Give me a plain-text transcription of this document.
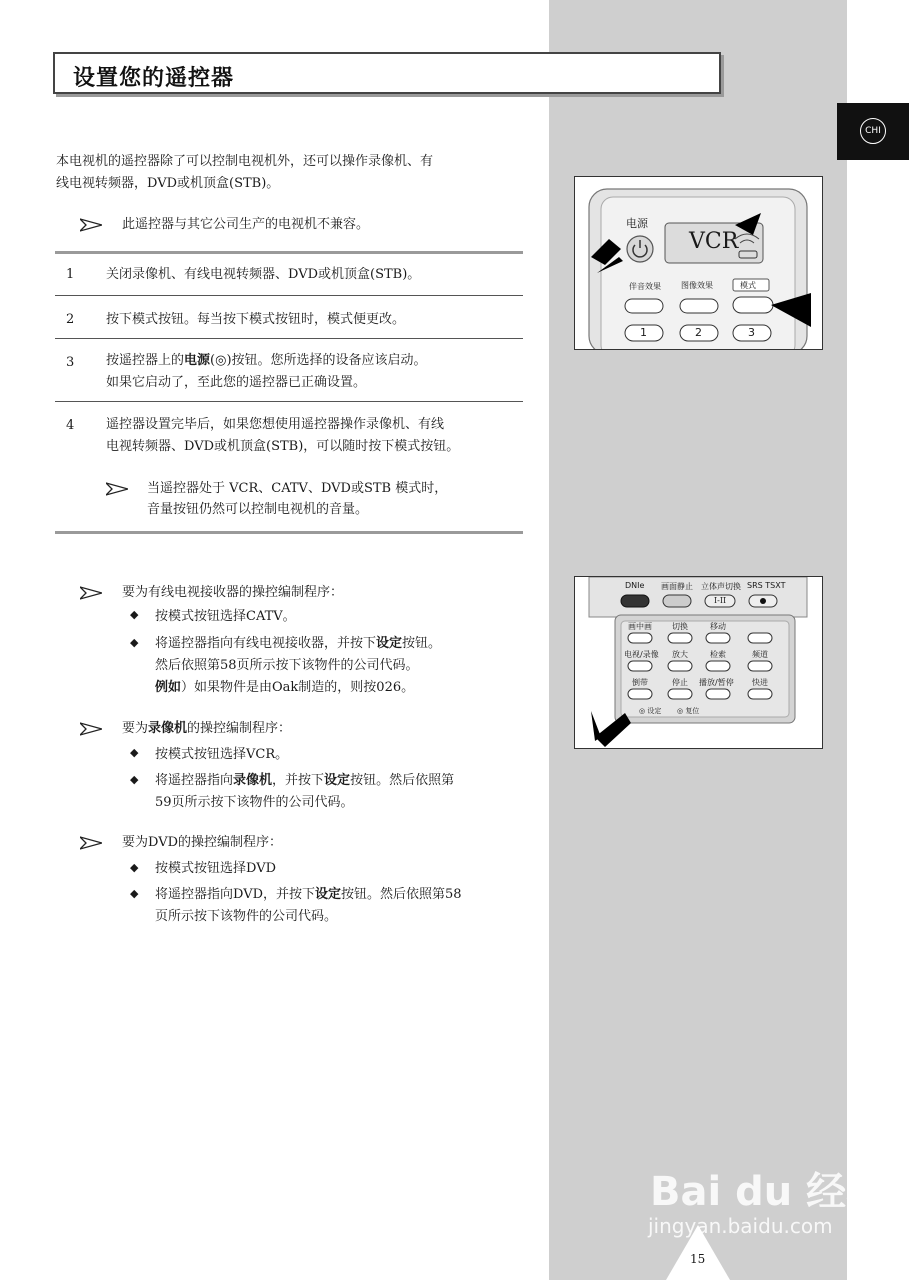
CHI
设置您的遥控器
本电视机的遥控器除了可以控制电视机外，还可以操作录像机、有
线电视转频器，DVD或机顶盒(STB)。
此遥控器与其它公司生产的电视机不兼容。
1 关闭录像机、有线电视转频器、DVD或机顶盒(STB)。
2 按下模式按钮。每当按下模式按钮时，模式便更改。
3 按遥控器上的电源(◎)按钮。您所选择的设备应该启动。
如果它启动了，至此您的遥控器已正确设置。
4 遥控器设置完毕后，如果您想使用遥控器操作录像机、有线
电视转频器、DVD或机顶盒(STB)，可以随时按下模式按钮。
当遥控器处于 VCR、CATV、DVD或STB 模式时，
音量按钮仍然可以控制电视机的音量。
要为有线电视接收器的操控编制程序：
◆ 按模式按钮选择CATV。
◆ 将遥控器指向有线电视接收器，并按下设定按钮。
然后依照第58页所示按下该物件的公司代码。
例如）如果物件是由Oak制造的，则按026。
要为录像机的操控编制程序：
◆ 按模式按钮选择VCR。
◆ 将遥控器指向录像机，并按下设定按钮。然后依照第
59页所示按下该物件的公司代码。
要为DVD的操控编制程序：
◆ 按模式按钮选择DVD
◆ 将遥控器指向DVD，并按下设定按钮。然后依照第58
页所示按下该物件的公司代码。
电源
VCR
伴音效果	图像效果	模式
1	2	3
DNIe 画面静止 立体声切换 SRS TSXT
I-II
画中画	切换	移动
电视/录像 放大	检索	频道
倒带	停止 播放/暂停 快进
◎ 设定 ◎ 复位
Bai du 经验
jingyan.baidu.com
15
